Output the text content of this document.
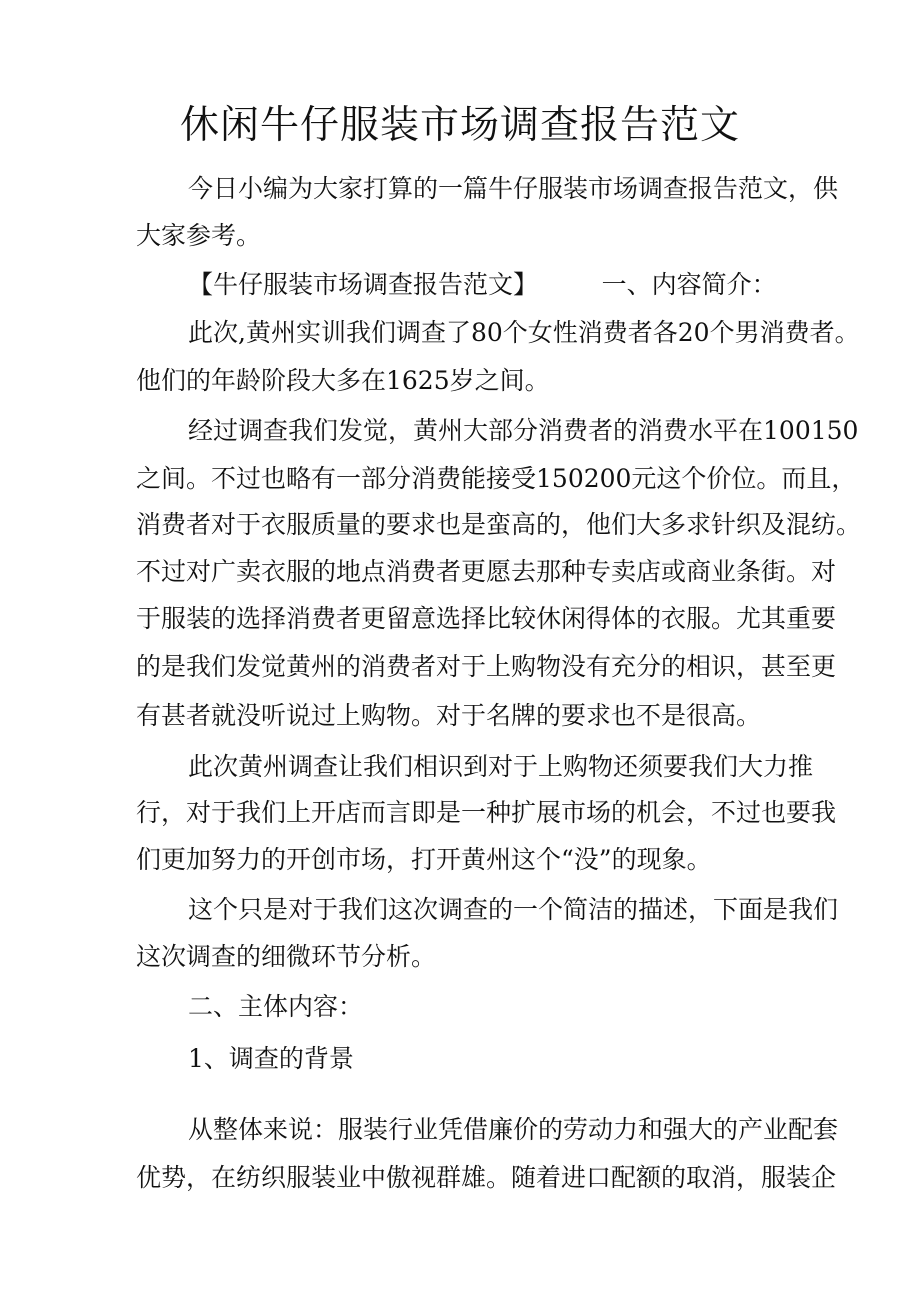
休闲牛仔服装市场调查报告范文
今日小编为大家打算的一篇牛仔服装市场调查报告范文，供
大家参考。
【牛仔服装市场调查报告范文】        一、内容简介：
此次,黄州实训我们调查了80个女性消费者各20个男消费者。
他们的年龄阶段大多在1625岁之间。
经过调查我们发觉，黄州大部分消费者的消费水平在100150
之间。不过也略有一部分消费能接受150200元这个价位。而且，
消费者对于衣服质量的要求也是蛮高的，他们大多求针织及混纺。
不过对广卖衣服的地点消费者更愿去那种专卖店或商业条街。对
于服装的选择消费者更留意选择比较休闲得体的衣服。尤其重要
的是我们发觉黄州的消费者对于上购物没有充分的相识，甚至更
有甚者就没听说过上购物。对于名牌的要求也不是很高。
此次黄州调查让我们相识到对于上购物还须要我们大力推
行，对于我们上开店而言即是一种扩展市场的机会，不过也要我
们更加努力的开创市场，打开黄州这个“没”的现象。
这个只是对于我们这次调查的一个简洁的描述，下面是我们
这次调查的细微环节分析。
二、主体内容：
1、调查的背景
从整体来说：服装行业凭借廉价的劳动力和强大的产业配套
优势，在纺织服装业中傲视群雄。随着进口配额的取消，服装企
